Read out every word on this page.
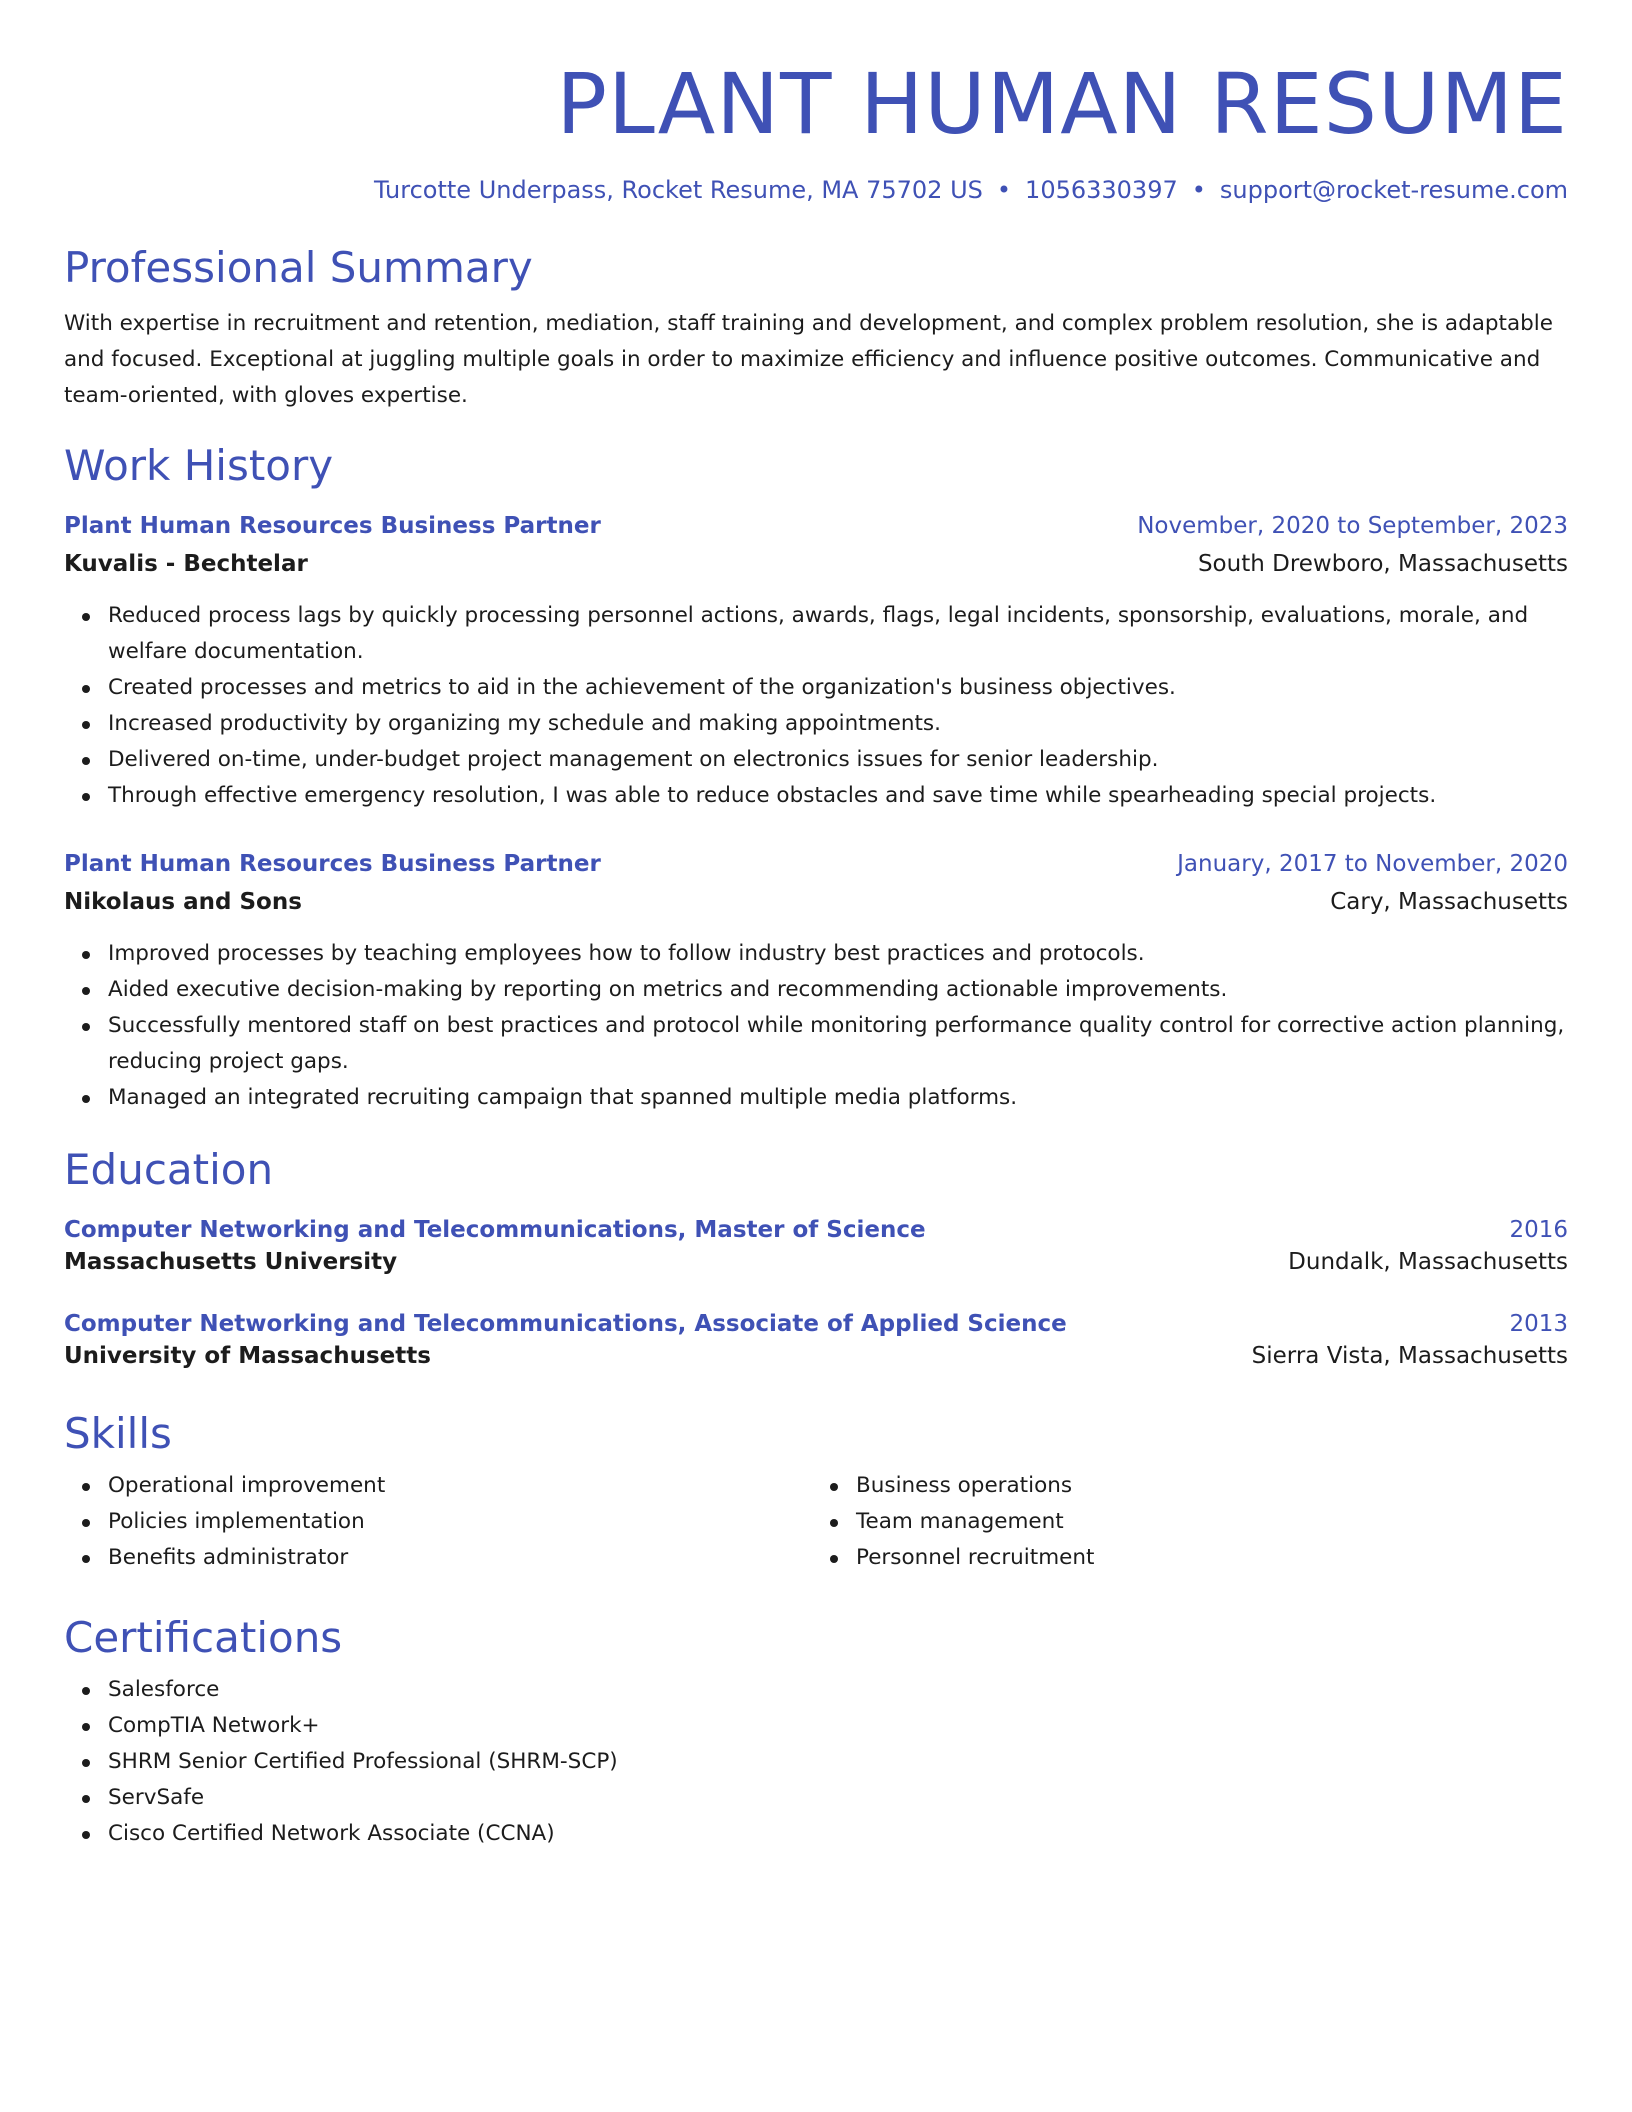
PLANT HUMAN RESUME
Turcotte Underpass, Rocket Resume, MA 75702 US • 1056330397 • support@rocket-resume.com
Professional Summary
With expertise in recruitment and retention, mediation, staff training and development, and complex problem resolution, she is adaptable and focused. Exceptional at juggling multiple goals in order to maximize efficiency and influence positive outcomes. Communicative and team-oriented, with gloves expertise.
Work History
Plant Human Resources Business Partner	November, 2020 to September, 2023
Kuvalis - Bechtelar	South Drewboro, Massachusetts
Reduced process lags by quickly processing personnel actions, awards, flags, legal incidents, sponsorship, evaluations, morale, and welfare documentation.
Created processes and metrics to aid in the achievement of the organization's business objectives.
Increased productivity by organizing my schedule and making appointments.
Delivered on-time, under-budget project management on electronics issues for senior leadership.
Through effective emergency resolution, I was able to reduce obstacles and save time while spearheading special projects.
Plant Human Resources Business Partner	January, 2017 to November, 2020
Nikolaus and Sons	Cary, Massachusetts
Improved processes by teaching employees how to follow industry best practices and protocols.
Aided executive decision-making by reporting on metrics and recommending actionable improvements.
Successfully mentored staff on best practices and protocol while monitoring performance quality control for corrective action planning, reducing project gaps.
Managed an integrated recruiting campaign that spanned multiple media platforms.
Education
Computer Networking and Telecommunications, Master of Science	2016
Massachusetts University	Dundalk, Massachusetts
Computer Networking and Telecommunications, Associate of Applied Science	2013
University of Massachusetts	Sierra Vista, Massachusetts
Skills
Operational improvement
Policies implementation
Benefits administrator
Business operations
Team management
Personnel recruitment
Certifications
Salesforce
CompTIA Network+
SHRM Senior Certified Professional (SHRM-SCP)
ServSafe
Cisco Certified Network Associate (CCNA)
